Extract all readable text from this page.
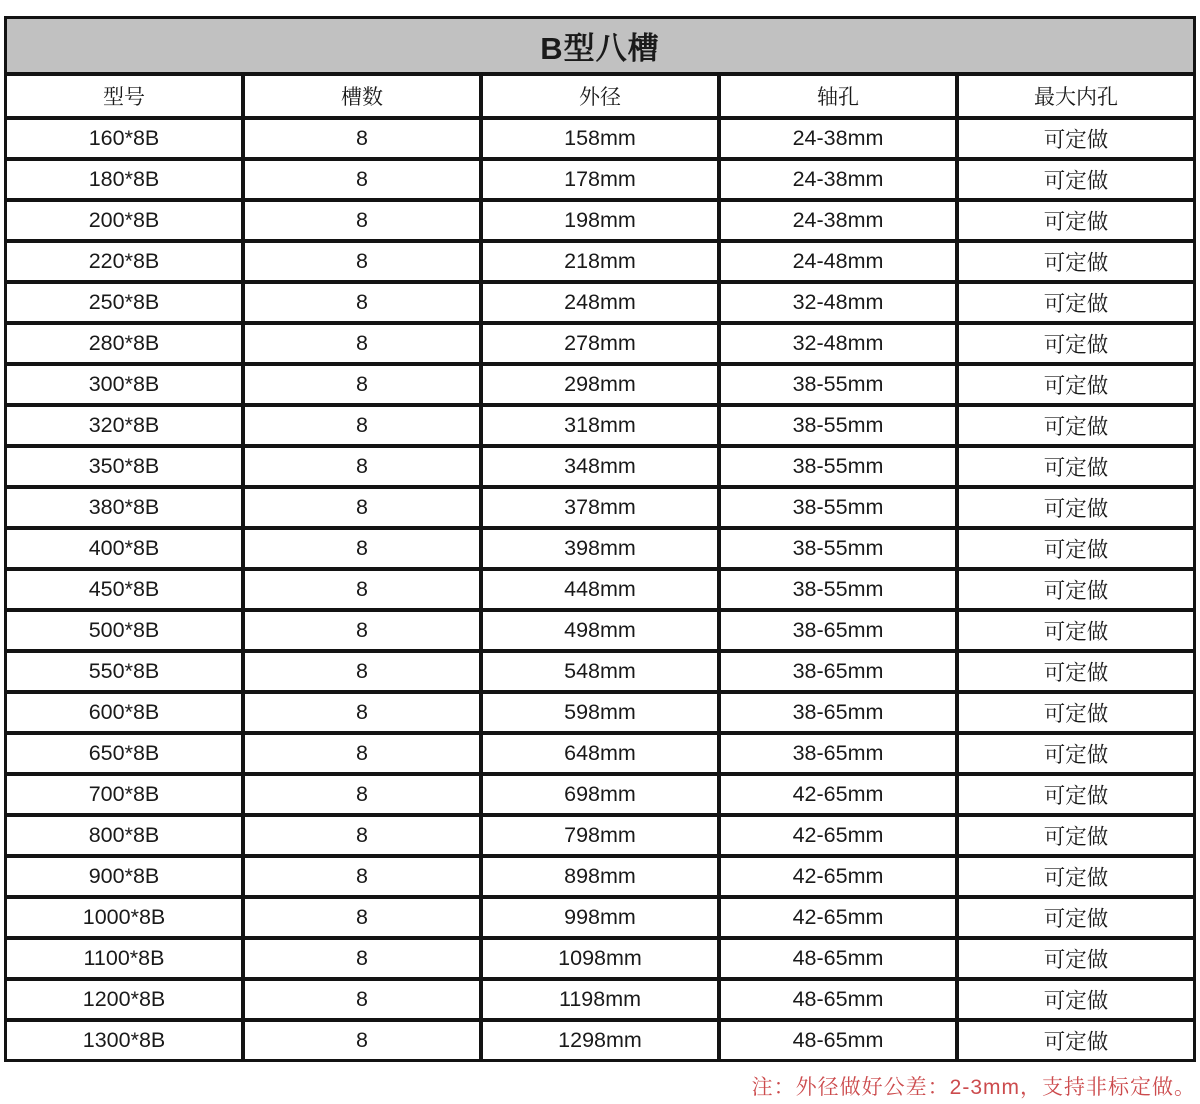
B型八槽				
型号	槽数	外径	轴孔	最大内孔
160*8B	8	158mm	24-38mm	可定做
180*8B	8	178mm	24-38mm	可定做
200*8B	8	198mm	24-38mm	可定做
220*8B	8	218mm	24-48mm	可定做
250*8B	8	248mm	32-48mm	可定做
280*8B	8	278mm	32-48mm	可定做
300*8B	8	298mm	38-55mm	可定做
320*8B	8	318mm	38-55mm	可定做
350*8B	8	348mm	38-55mm	可定做
380*8B	8	378mm	38-55mm	可定做
400*8B	8	398mm	38-55mm	可定做
450*8B	8	448mm	38-55mm	可定做
500*8B	8	498mm	38-65mm	可定做
550*8B	8	548mm	38-65mm	可定做
600*8B	8	598mm	38-65mm	可定做
650*8B	8	648mm	38-65mm	可定做
700*8B	8	698mm	42-65mm	可定做
800*8B	8	798mm	42-65mm	可定做
900*8B	8	898mm	42-65mm	可定做
1000*8B	8	998mm	42-65mm	可定做
1100*8B	8	1098mm	48-65mm	可定做
1200*8B	8	1198mm	48-65mm	可定做
1300*8B	8	1298mm	48-65mm	可定做
注：外径做好公差：2-3mm，支持非标定做。
